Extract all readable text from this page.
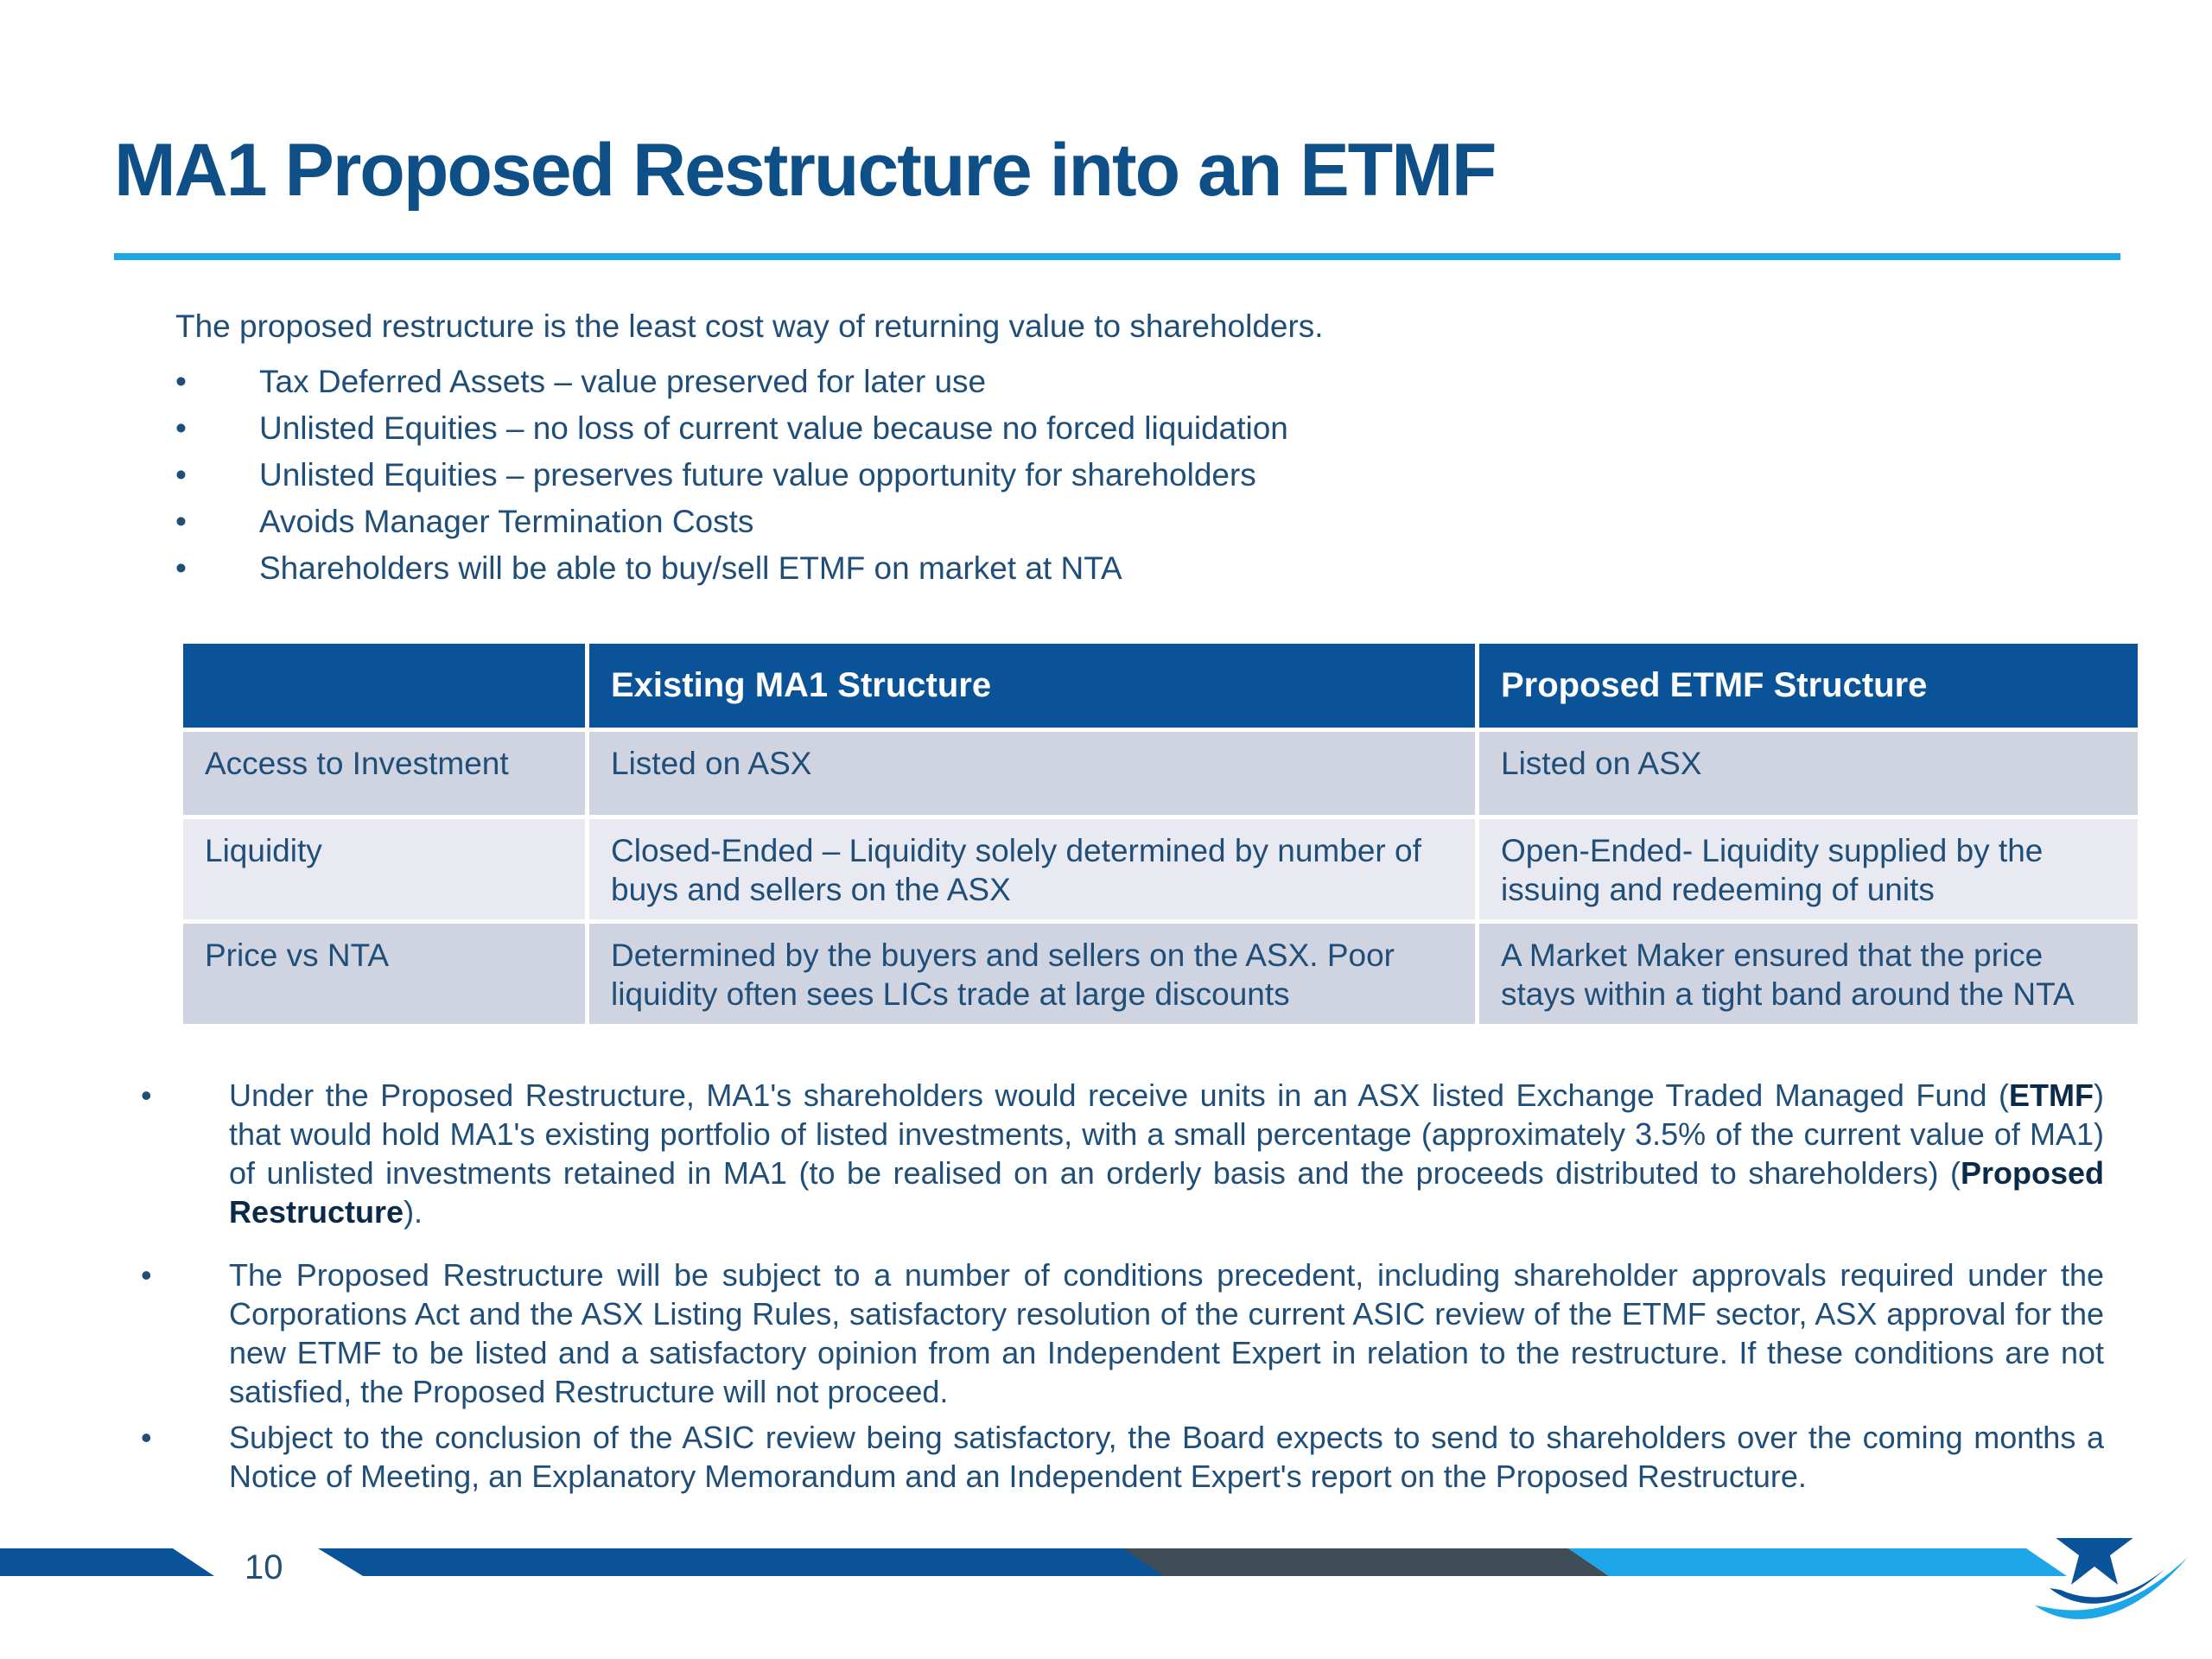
MA1 Proposed Restructure into an ETMF

The proposed restructure is the least cost way of returning value to shareholders.

• Tax Deferred Assets – value preserved for later use
• Unlisted Equities – no loss of current value because no forced liquidation
• Unlisted Equities – preserves future value opportunity for shareholders
• Avoids Manager Termination Costs
• Shareholders will be able to buy/sell ETMF on market at NTA
	Existing MA1 Structure	Proposed ETMF Structure
Access to Investment	Listed on ASX	Listed on ASX
Liquidity	Closed-Ended – Liquidity solely determined by number of buys and sellers on the ASX	Open-Ended- Liquidity supplied by the issuing and redeeming of units
Price vs NTA	Determined by the buyers and sellers on the ASX. Poor liquidity often sees LICs trade at large discounts	A Market Maker ensured that the price stays within a tight band around the NTA
• Under the Proposed Restructure, MA1's shareholders would receive units in an ASX listed Exchange Traded Managed Fund (ETMF) that would hold MA1's existing portfolio of listed investments, with a small percentage (approximately 3.5% of the current value of MA1) of unlisted investments retained in MA1 (to be realised on an orderly basis and the proceeds distributed to shareholders) (Proposed Restructure).
• The Proposed Restructure will be subject to a number of conditions precedent, including shareholder approvals required under the Corporations Act and the ASX Listing Rules, satisfactory resolution of the current ASIC review of the ETMF sector, ASX approval for the new ETMF to be listed and a satisfactory opinion from an Independent Expert in relation to the restructure. If these conditions are not satisfied, the Proposed Restructure will not proceed.
• Subject to the conclusion of the ASIC review being satisfactory, the Board expects to send to shareholders over the coming months a Notice of Meeting, an Explanatory Memorandum and an Independent Expert's report on the Proposed Restructure.
10
